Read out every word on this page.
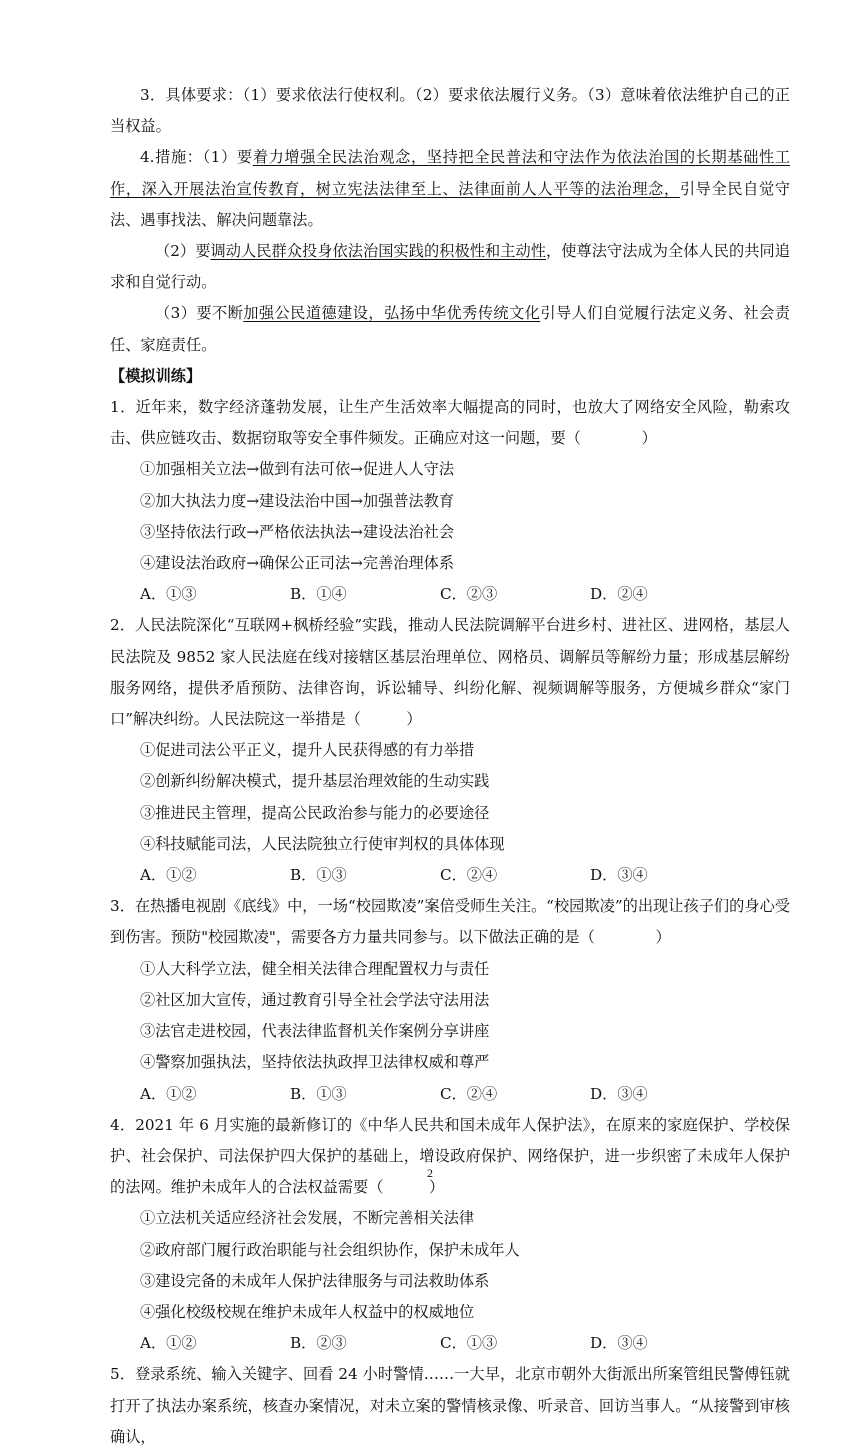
3．具体要求：（1）要求依法行使权利。（2）要求依法履行义务。（3）意味着依法维护自己的正当权益。

4.措施：（1）要着力增强全民法治观念，坚持把全民普法和守法作为依法治国的长期基础性工作，深入开展法治宣传教育，树立宪法法律至上、法律面前人人平等的法治理念，引导全民自觉守法、遇事找法、解决问题靠法。

（2）要调动人民群众投身依法治国实践的积极性和主动性，使尊法守法成为全体人民的共同追求和自觉行动。

（3）要不断加强公民道德建设，弘扬中华优秀传统文化引导人们自觉履行法定义务、社会责任、家庭责任。

【模拟训练】

1．近年来，数字经济蓬勃发展，让生产生活效率大幅提高的同时，也放大了网络安全风险，勒索攻击、供应链攻击、数据窃取等安全事件频发。正确应对这一问题，要（　　　　）

①加强相关立法→做到有法可依→促进人人守法

②加大执法力度→建设法治中国→加强普法教育

③坚持依法行政→严格依法执法→建设法治社会

④建设法治政府→确保公正司法→完善治理体系

A．①③	B．①④	C．②③	D．②④

2．人民法院深化“互联网+枫桥经验”实践，推动人民法院调解平台进乡村、进社区、进网格，基层人民法院及 9852 家人民法庭在线对接辖区基层治理单位、网格员、调解员等解纷力量；形成基层解纷服务网络，提供矛盾预防、法律咨询，诉讼辅导、纠纷化解、视频调解等服务，方便城乡群众“家门口”解决纠纷。人民法院这一举措是（　　　）

①促进司法公平正义，提升人民获得感的有力举措

②创新纠纷解决模式，提升基层治理效能的生动实践

③推进民主管理，提高公民政治参与能力的必要途径

④科技赋能司法，人民法院独立行使审判权的具体体现

A．①②	B．①③	C．②④	D．③④

3．在热播电视剧《底线》中，一场“校园欺凌”案倍受师生关注。“校园欺凌”的出现让孩子们的身心受到伤害。预防"校园欺凌"，需要各方力量共同参与。以下做法正确的是（　　　　）

①人大科学立法，健全相关法律合理配置权力与责任

②社区加大宣传，通过教育引导全社会学法守法用法

③法官走进校园，代表法律监督机关作案例分享讲座

④警察加强执法，坚持依法执政捍卫法律权威和尊严

A．①②	B．①③	C．②④	D．③④

4．2021 年 6 月实施的最新修订的《中华人民共和国未成年人保护法》，在原来的家庭保护、学校保护、社会保护、司法保护四大保护的基础上，增设政府保护、网络保护，进一步织密了未成年人保护的法网。维护未成年人的合法权益需要（　　　）

①立法机关适应经济社会发展，不断完善相关法律

②政府部门履行政治职能与社会组织协作，保护未成年人

③建设完备的未成年人保护法律服务与司法救助体系

④强化校级校规在维护未成年人权益中的权威地位

A．①②	B．②③	C．①③	D．③④

5．登录系统、输入关键字、回看 24 小时警情……一大早，北京市朝外大街派出所案管组民警傅钰就打开了执法办案系统，核查办案情况，对未立案的警情核录像、听录音、回访当事人。“从接警到审核确认，

2
